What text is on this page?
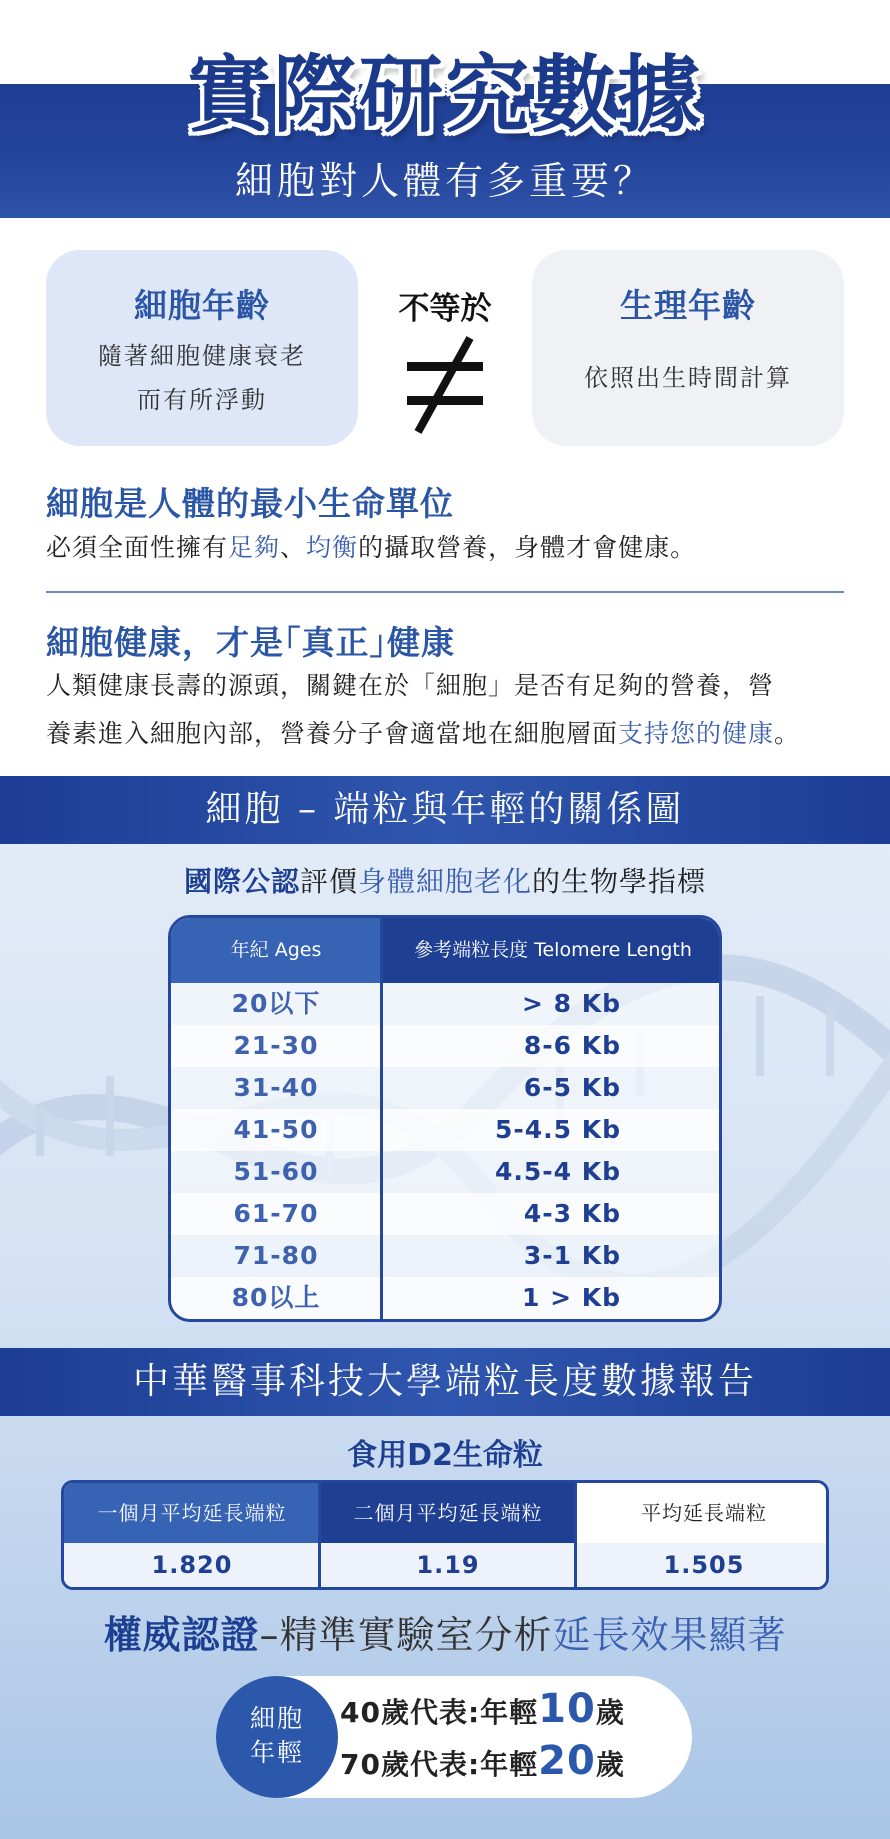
實際研究數據
細胞對人體有多重要？
細胞年齡
隨著細胞健康衰老
而有所浮動
不等於	生理年齡
依照出生時間計算
細胞是人體的最小生命單位
必須全面性擁有足夠、均衡的攝取營養，身體才會健康。
細胞健康，才是｢真正｣健康
人類健康長壽的源頭，關鍵在於「細胞」是否有足夠的營養，營
養素進入細胞內部，營養分子會適當地在細胞層面支持您的健康。
細胞 – 端粒與年輕的關係圖
國際公認評價身體細胞老化的生物學指標
年紀 Ages	參考端粒長度 Telomere Length
20以下	> 8 Kb
21-30	8-6 Kb
31-40	6-5 Kb
41-50	5-4.5 Kb
51-60	4.5-4 Kb
61-70	4-3 Kb
71-80	3-1 Kb
80以上	1 > Kb
中華醫事科技大學端粒長度數據報告
食用D2生命粒
一個月平均延長端粒	二個月平均延長端粒	平均延長端粒
1.820	1.19	1.505
權威認證–精準實驗室分析延長效果顯著
細胞
年輕
40歲代表:年輕10歲
70歲代表:年輕20歲
